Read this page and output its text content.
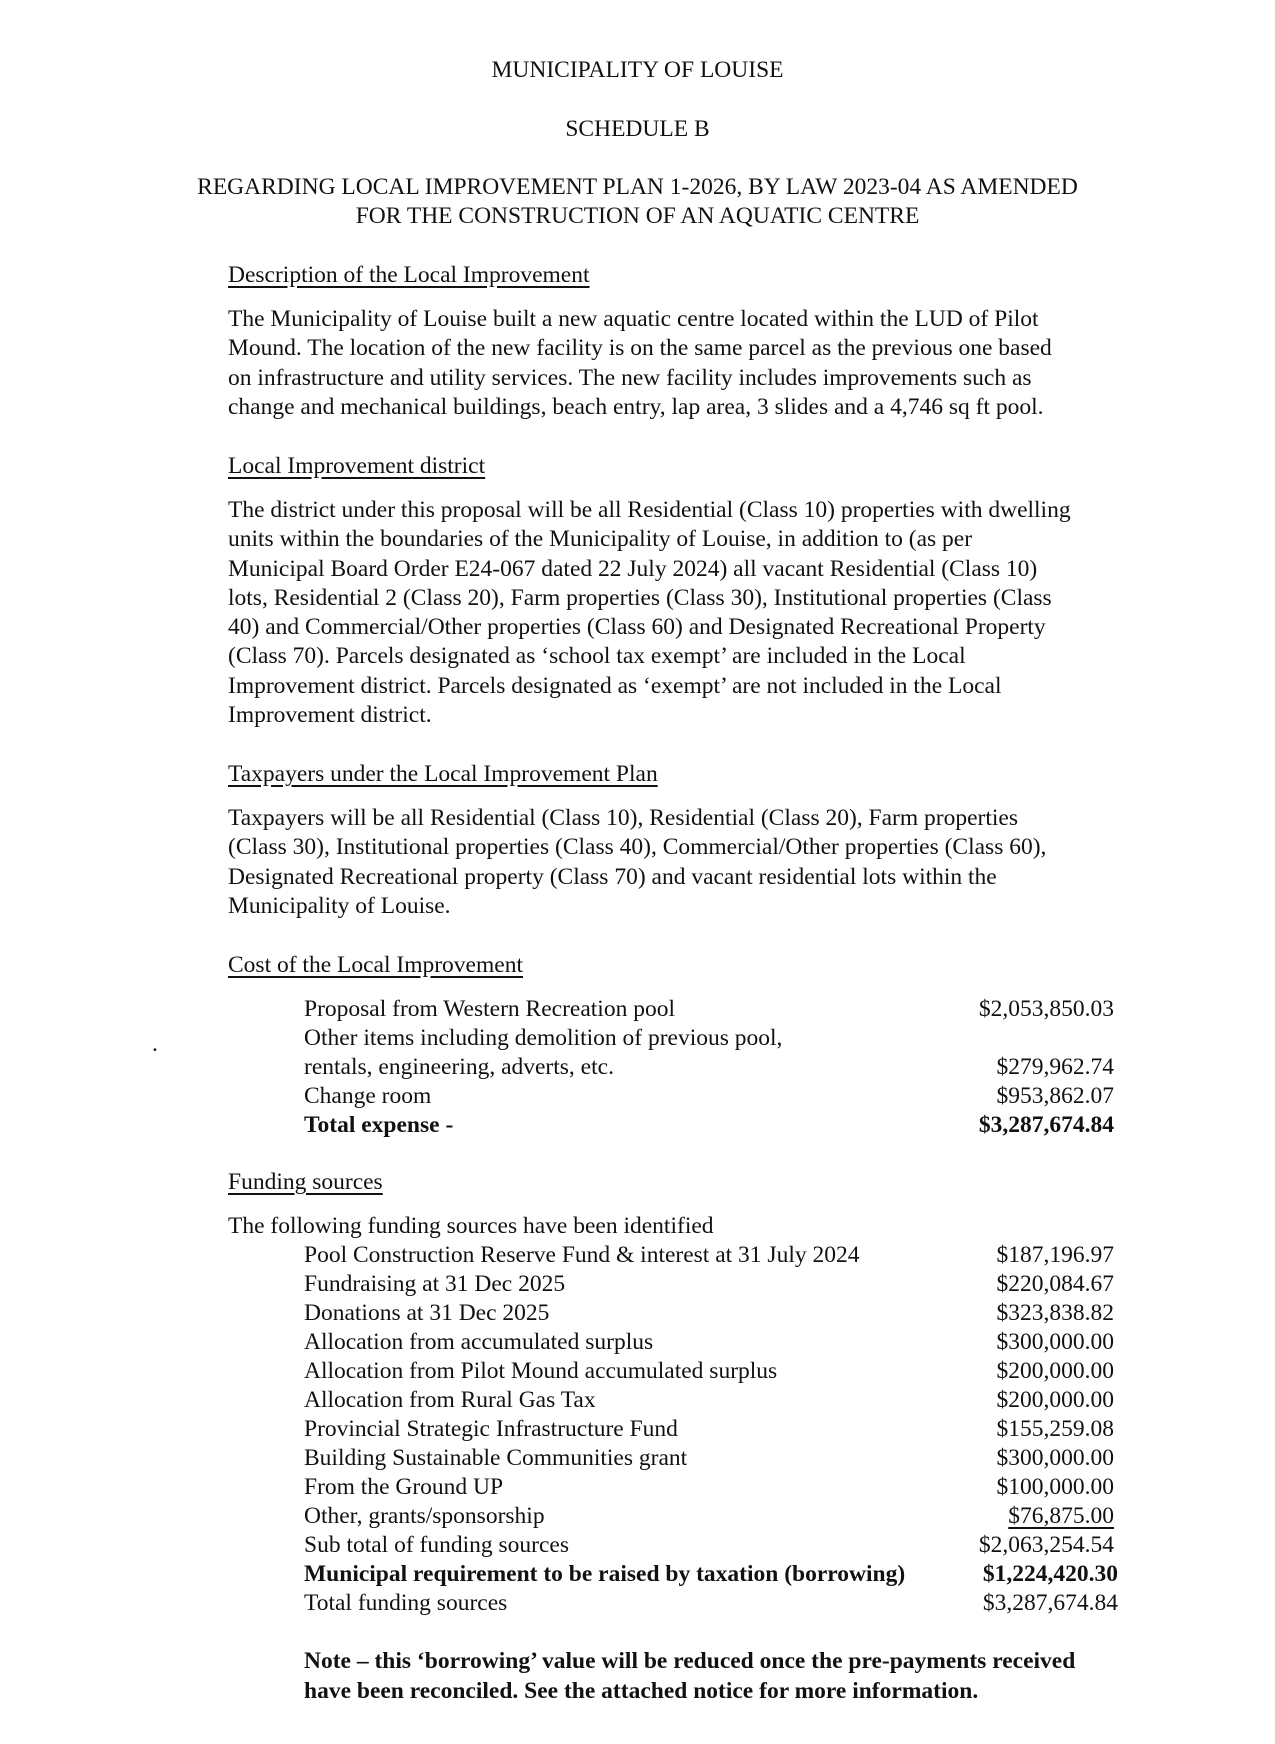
MUNICIPALITY OF LOUISE
SCHEDULE B
REGARDING LOCAL IMPROVEMENT PLAN 1-2026, BY LAW 2023-04 AS AMENDED
FOR THE CONSTRUCTION OF AN AQUATIC CENTRE
Description of the Local Improvement
The Municipality of Louise built a new aquatic centre located within the LUD of Pilot
Mound. The location of the new facility is on the same parcel as the previous one based
on infrastructure and utility services. The new facility includes improvements such as
change and mechanical buildings, beach entry, lap area, 3 slides and a 4,746 sq ft pool.
Local Improvement district
The district under this proposal will be all Residential (Class 10) properties with dwelling
units within the boundaries of the Municipality of Louise, in addition to (as per
Municipal Board Order E24-067 dated 22 July 2024) all vacant Residential (Class 10)
lots, Residential 2 (Class 20), Farm properties (Class 30), Institutional properties (Class
40) and Commercial/Other properties (Class 60) and Designated Recreational Property
(Class 70). Parcels designated as ‘school tax exempt’ are included in the Local
Improvement district. Parcels designated as ‘exempt’ are not included in the Local
Improvement district.
Taxpayers under the Local Improvement Plan
Taxpayers will be all Residential (Class 10), Residential (Class 20), Farm properties
(Class 30), Institutional properties (Class 40), Commercial/Other properties (Class 60),
Designated Recreational property (Class 70) and vacant residential lots within the
Municipality of Louise.
Cost of the Local Improvement
.
Proposal from Western Recreation pool	$2,053,850.03
Other items including demolition of previous pool,
rentals, engineering, adverts, etc.	$279,962.74
Change room	$953,862.07
Total expense -	$3,287,674.84
Funding sources
The following funding sources have been identified
Pool Construction Reserve Fund & interest at 31 July 2024	$187,196.97
Fundraising at 31 Dec 2025	$220,084.67
Donations at 31 Dec 2025	$323,838.82
Allocation from accumulated surplus	$300,000.00
Allocation from Pilot Mound accumulated surplus	$200,000.00
Allocation from Rural Gas Tax	$200,000.00
Provincial Strategic Infrastructure Fund	$155,259.08
Building Sustainable Communities grant	$300,000.00
From the Ground UP	$100,000.00
Other, grants/sponsorship	$76,875.00
Sub total of funding sources	$2,063,254.54
Municipal requirement to be raised by taxation (borrowing)	$1,224,420.30
Total funding sources	$3,287,674.84
Note – this ‘borrowing’ value will be reduced once the pre-payments received
have been reconciled. See the attached notice for more information.
